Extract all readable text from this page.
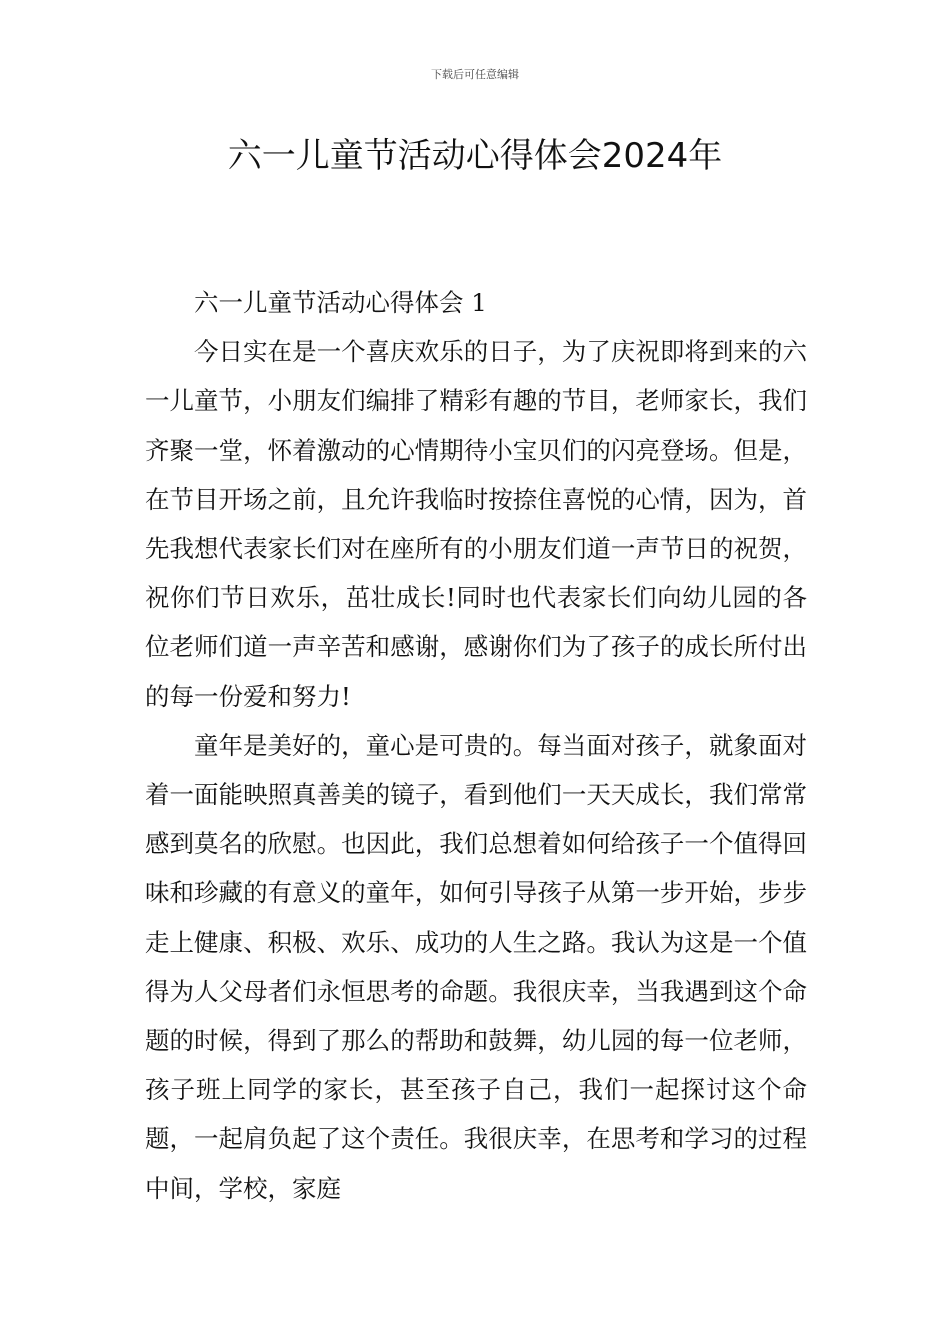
下载后可任意编辑
六一儿童节活动心得体会2024年

六一儿童节活动心得体会 1

今日实在是一个喜庆欢乐的日子，为了庆祝即将到来的六一儿童节，小朋友们编排了精彩有趣的节目，老师家长，我们齐聚一堂，怀着激动的心情期待小宝贝们的闪亮登场。但是，在节目开场之前，且允许我临时按捺住喜悦的心情，因为，首先我想代表家长们对在座所有的小朋友们道一声节日的祝贺，祝你们节日欢乐，茁壮成长!同时也代表家长们向幼儿园的各位老师们道一声辛苦和感谢，感谢你们为了孩子的成长所付出的每一份爱和努力!

童年是美好的，童心是可贵的。每当面对孩子，就象面对着一面能映照真善美的镜子，看到他们一天天成长，我们常常感到莫名的欣慰。也因此，我们总想着如何给孩子一个值得回味和珍藏的有意义的童年，如何引导孩子从第一步开始，步步走上健康、积极、欢乐、成功的人生之路。我认为这是一个值得为人父母者们永恒思考的命题。我很庆幸，当我遇到这个命题的时候，得到了那么的帮助和鼓舞，幼儿园的每一位老师，孩子班上同学的家长，甚至孩子自己，我们一起探讨这个命题，一起肩负起了这个责任。我很庆幸，在思考和学习的过程中间，学校，家庭
